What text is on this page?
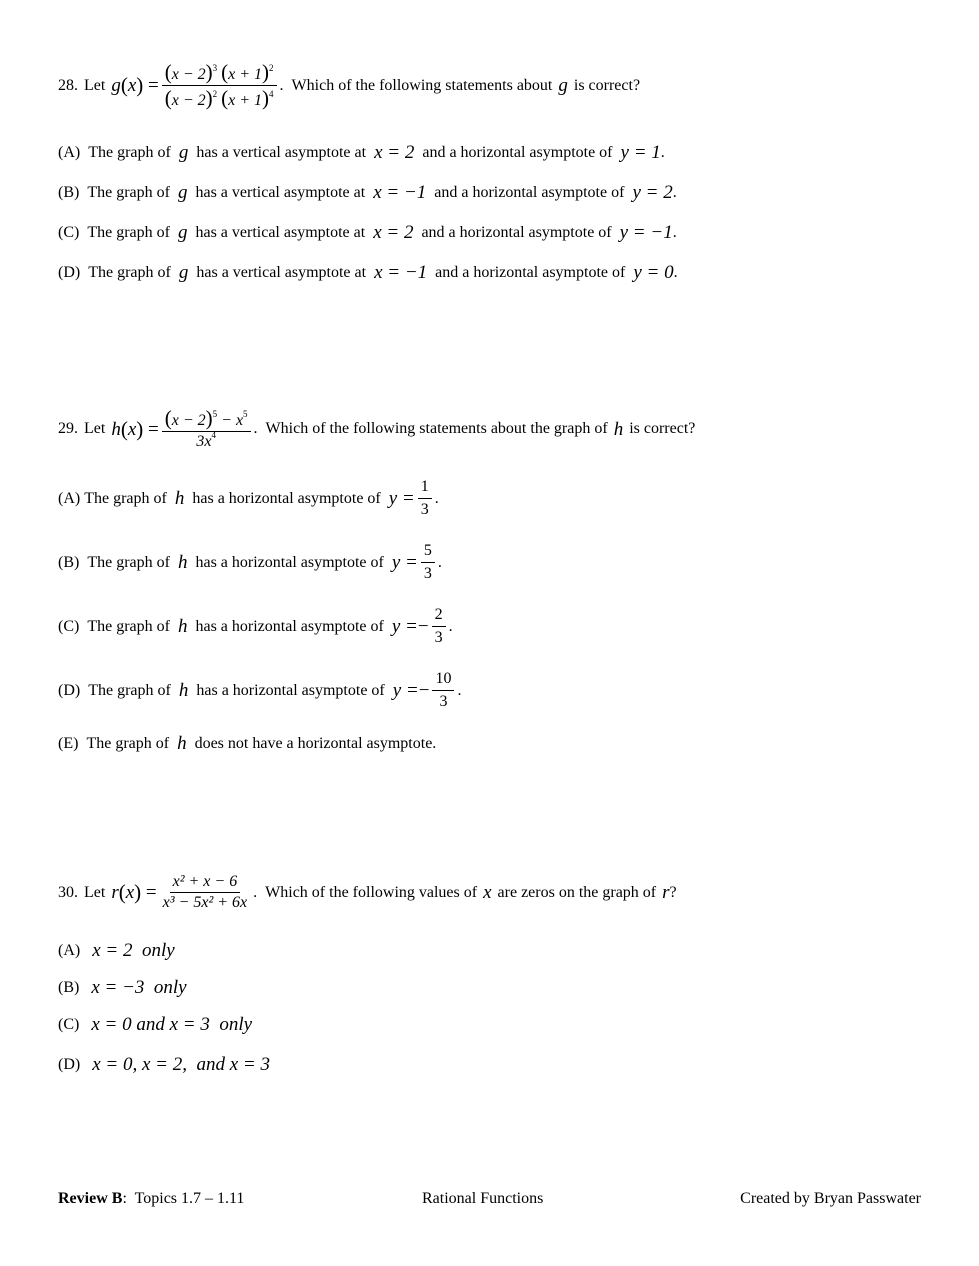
28. Let g ( x ) = $\frac{(x - 2)^3 (x + 1)^2}{(x - 2)^2 (x + 1)^4}$ . Which of the following statements about g is correct?
(A)
The graph of
g
has a vertical asymptote at
x = 2
and a horizontal asymptote of
y = 1 .
(B)
The graph of
g
has a vertical asymptote at
x = −1
and a horizontal asymptote of
y = 2 .
(C)
The graph of
g
has a vertical asymptote at
x = 2
and a horizontal asymptote of
y = −1 .
(D)
The graph of
g
has a vertical asymptote at
x = −1
and a horizontal asymptote of
y = 0 .
29. Let h ( x ) = $\frac{(x - 2)^5 - x^5}{3x^4}$ . Which of the following statements about the graph of h is correct?
(A)
The graph of
h
has a horizontal asymptote of
$y = \frac{1}{3}$ .
(B)
The graph of
h
has a horizontal asymptote of
$y = \frac{5}{3}$ .
(C)
The graph of
h
has a horizontal asymptote of
y = − $\frac{2}{3}$ .
(D)
The graph of
h
has a horizontal asymptote of
y = − $\frac{10}{3}$ .
(E)
The graph of
h
does not have a horizontal asymptote.
30. Let r ( x ) = $\frac{\text{x² + x − 6}}{\text{x³ − 5x² + 6x}}$ . Which of the following values of x are zeros on the graph of r ?
(A)
x = 2  only
(B)
x = −3  only
(C)
x = 0 and x = 3  only
(D)
x = 0, x = 2,  and x = 3
Review B:  Topics 1.7 – 1.11	Rational Functions	Created by Bryan Passwater
